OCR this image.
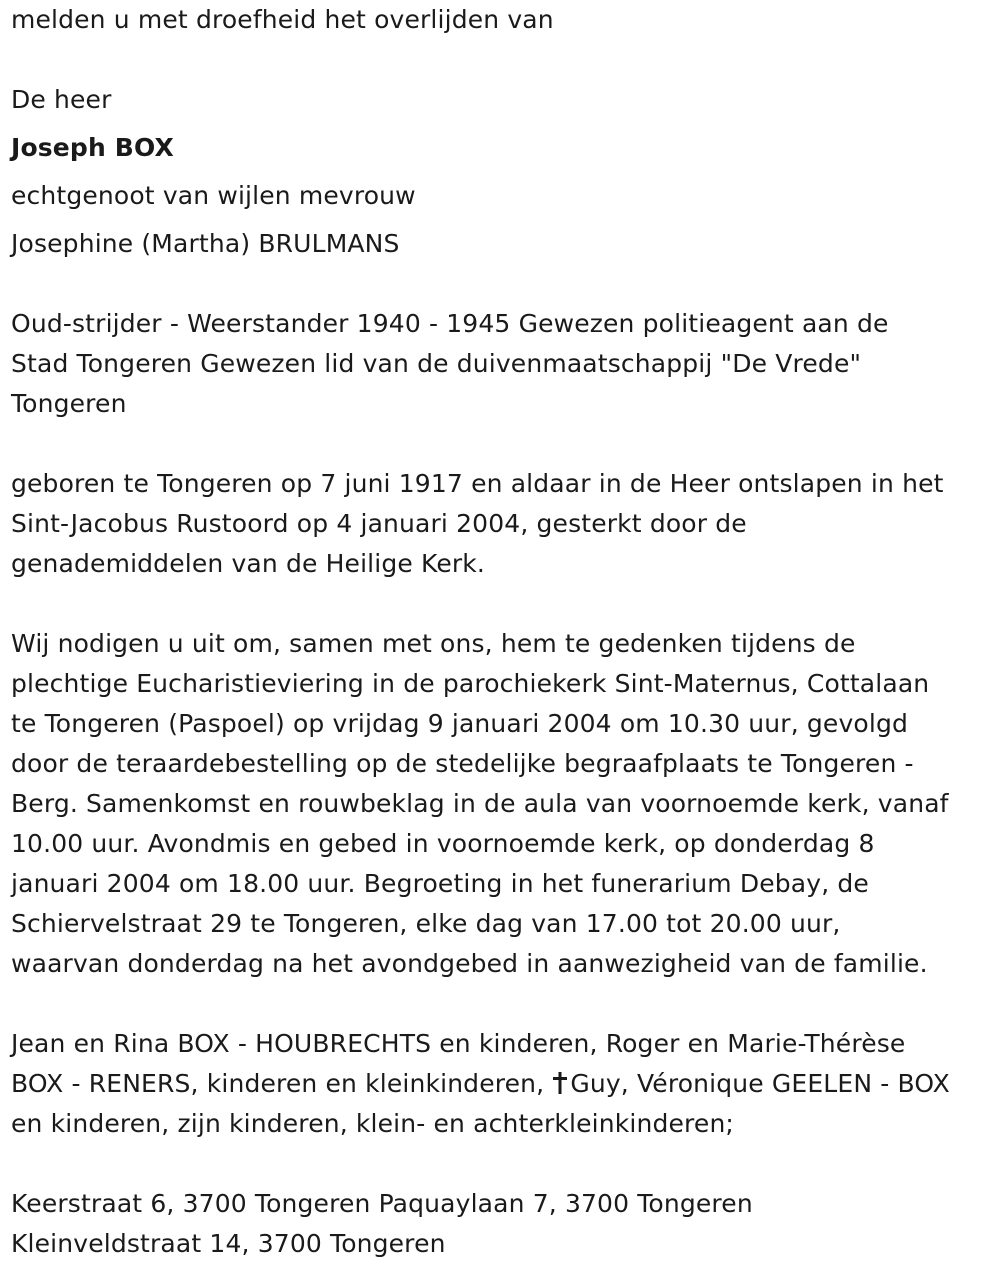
melden u met droefheid het overlijden van
De heer
Joseph BOX
echtgenoot van wijlen mevrouw
Josephine (Martha) BRULMANS
Oud-strijder - Weerstander 1940 - 1945 Gewezen politieagent aan de
Stad Tongeren Gewezen lid van de duivenmaatschappij "De Vrede"
Tongeren
geboren te Tongeren op 7 juni 1917 en aldaar in de Heer ontslapen in het
Sint-Jacobus Rustoord op 4 januari 2004, gesterkt door de
genademiddelen van de Heilige Kerk.
Wij nodigen u uit om, samen met ons, hem te gedenken tijdens de
plechtige Eucharistieviering in de parochiekerk Sint-Maternus, Cottalaan
te Tongeren (Paspoel) op vrijdag 9 januari 2004 om 10.30 uur, gevolgd
door de teraardebestelling op de stedelijke begraafplaats te Tongeren -
Berg. Samenkomst en rouwbeklag in de aula van voornoemde kerk, vanaf
10.00 uur. Avondmis en gebed in voornoemde kerk, op donderdag 8
januari 2004 om 18.00 uur. Begroeting in het funerarium Debay, de
Schiervelstraat 29 te Tongeren, elke dag van 17.00 tot 20.00 uur,
waarvan donderdag na het avondgebed in aanwezigheid van de familie.
Jean en Rina BOX - HOUBRECHTS en kinderen, Roger en Marie-Thérèse
BOX - RENERS, kinderen en kleinkinderen, Guy, Véronique GEELEN - BOX
en kinderen, zijn kinderen, klein- en achterkleinkinderen;
Keerstraat 6, 3700 Tongeren Paquaylaan 7, 3700 Tongeren
Kleinveldstraat 14, 3700 Tongeren
